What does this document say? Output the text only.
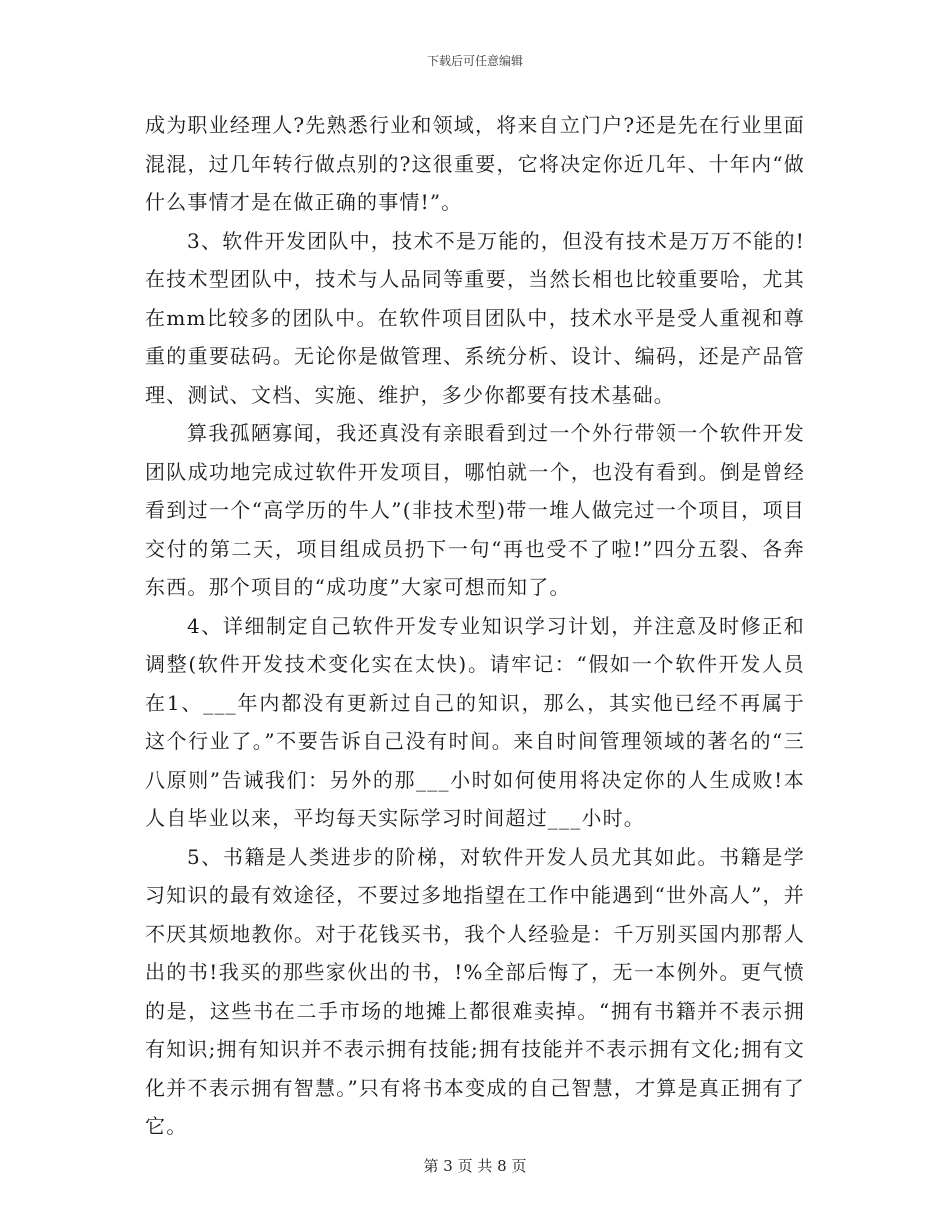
下载后可任意编辑

成为职业经理人?先熟悉行业和领域，将来自立门户?还是先在行业里面混混，过几年转行做点别的?这很重要，它将决定你近几年、十年内“做什么事情才是在做正确的事情!”。

3、软件开发团队中，技术不是万能的，但没有技术是万万不能的!在技术型团队中，技术与人品同等重要，当然长相也比较重要哈，尤其在mm比较多的团队中。在软件项目团队中，技术水平是受人重视和尊重的重要砝码。无论你是做管理、系统分析、设计、编码，还是产品管理、测试、文档、实施、维护，多少你都要有技术基础。

算我孤陋寡闻，我还真没有亲眼看到过一个外行带领一个软件开发团队成功地完成过软件开发项目，哪怕就一个，也没有看到。倒是曾经看到过一个“高学历的牛人”(非技术型)带一堆人做完过一个项目，项目交付的第二天，项目组成员扔下一句“再也受不了啦!”四分五裂、各奔东西。那个项目的“成功度”大家可想而知了。

4、详细制定自己软件开发专业知识学习计划，并注意及时修正和调整(软件开发技术变化实在太快)。请牢记：“假如一个软件开发人员在1、___年内都没有更新过自己的知识，那么，其实他已经不再属于这个行业了。”不要告诉自己没有时间。来自时间管理领域的著名的“三八原则”告诫我们：另外的那___小时如何使用将决定你的人生成败!本人自毕业以来，平均每天实际学习时间超过___小时。

5、书籍是人类进步的阶梯，对软件开发人员尤其如此。书籍是学习知识的最有效途径，不要过多地指望在工作中能遇到“世外高人”，并不厌其烦地教你。对于花钱买书，我个人经验是：千万别买国内那帮人出的书!我买的那些家伙出的书，!%全部后悔了，无一本例外。更气愤的是，这些书在二手市场的地摊上都很难卖掉。“拥有书籍并不表示拥有知识;拥有知识并不表示拥有技能;拥有技能并不表示拥有文化;拥有文化并不表示拥有智慧。”只有将书本变成的自己智慧，才算是真正拥有了它。

第 3 页 共 8 页
